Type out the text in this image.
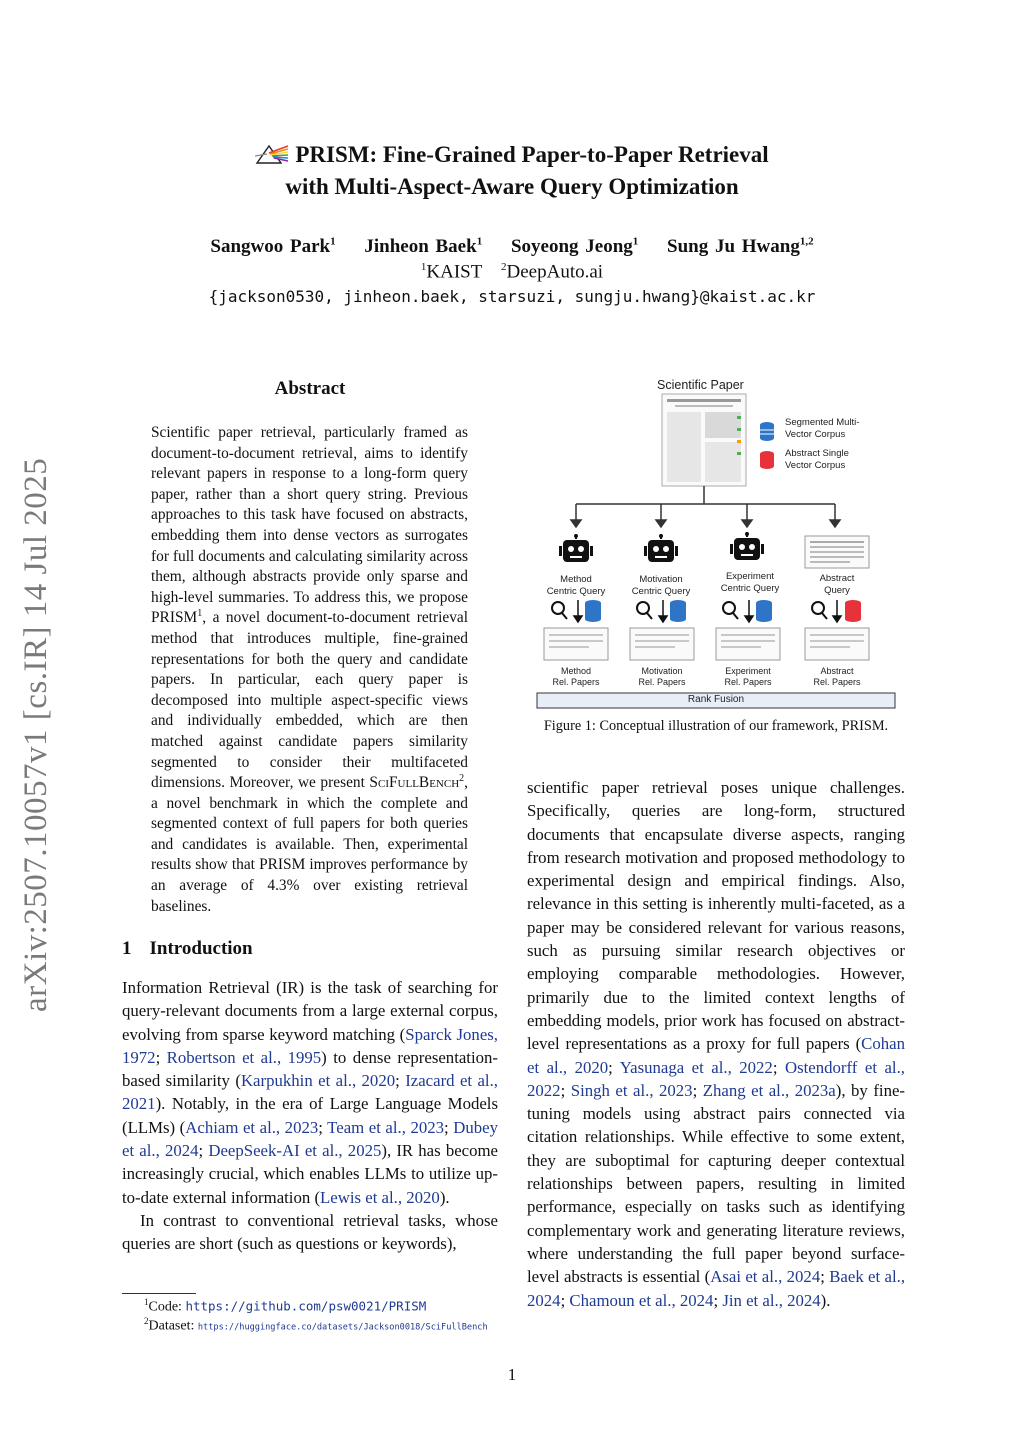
arXiv:2507.10057v1 [cs.IR] 14 Jul 2025
PRISM: Fine-Grained Paper-to-Paper Retrieval
with Multi-Aspect-Aware Query Optimization
Sangwoo Park$^1$ Jinheon Baek$^1$ Soyeong Jeong$^1$ Sung Ju Hwang$^{1,2}$
$^1$KAIST $^2$DeepAuto.ai
{jackson0530, jinheon.baek, starsuzi, sungju.hwang}@kaist.ac.kr
Abstract
Scientific paper retrieval, particularly framed as document-to-document retrieval, aims to identify relevant papers in response to a long-form query paper, rather than a short query string. Previous approaches to this task have focused on abstracts, embedding them into dense vectors as surrogates for full documents and calculating similarity across them, although abstracts provide only sparse and high-level summaries. To address this, we propose PRISM$^1$, a novel document-to-document retrieval method that introduces multiple, fine-grained representations for both the query and candidate papers. In particular, each query paper is decomposed into multiple aspect-specific views and individually embedded, which are then matched against candidate papers similarity segmented to consider their multifaceted dimensions. Moreover, we present SciFullBench$^2$, a novel benchmark in which the complete and segmented context of full papers for both queries and candidates is available. Then, experimental results show that PRISM improves performance by an average of 4.3% over existing retrieval baselines.
1 Introduction

Information Retrieval (IR) is the task of searching for query-relevant documents from a large external corpus, evolving from sparse keyword matching (Sparck Jones, 1972; Robertson et al., 1995) to dense representation-based similarity (Karpukhin et al., 2020; Izacard et al., 2021). Notably, in the era of Large Language Models (LLMs) (Achiam et al., 2023; Team et al., 2023; Dubey et al., 2024; DeepSeek-AI et al., 2025), IR has become increasingly crucial, which enables LLMs to utilize up-to-date external information (Lewis et al., 2020).

In contrast to conventional retrieval tasks, whose queries are short (such as questions or keywords),

scientific paper retrieval poses unique challenges. Specifically, queries are long-form, structured documents that encapsulate diverse aspects, ranging from research motivation and proposed methodology to experimental design and empirical findings. Also, relevance in this setting is inherently multi-faceted, as a paper may be considered relevant for various reasons, such as pursuing similar research objectives or employing comparable methodologies. However, primarily due to the limited context lengths of embedding models, prior work has focused on abstract-level representations as a proxy for full papers (Cohan et al., 2020; Yasunaga et al., 2022; Ostendorff et al., 2022; Singh et al., 2023; Zhang et al., 2023a), by fine-tuning models using abstract pairs connected via citation relationships. While effective to some extent, they are suboptimal for capturing deeper contextual relationships between papers, resulting in limited performance, especially on tasks such as identifying complementary work and generating literature reviews, where understanding the full paper beyond surface-level abstracts is essential (Asai et al., 2024; Baek et al., 2024; Chamoun et al., 2024; Jin et al., 2024).

Scientific Paper
Segmented Multi-
Vector Corpus
Abstract Single
Vector Corpus
Method
Centric Query
Motivation
Centric Query
Experiment
Centric Query
Abstract
Query
Method
Rel. Papers
Motivation
Rel. Papers
Experiment
Rel. Papers
Abstract
Rel. Papers
Rank Fusion
Figure 1: Conceptual illustration of our framework, PRISM.
$^1$Code: https://github.com/psw0021/PRISM
$^2$Dataset: https://huggingface.co/datasets/Jackson0018/SciFullBench
1
